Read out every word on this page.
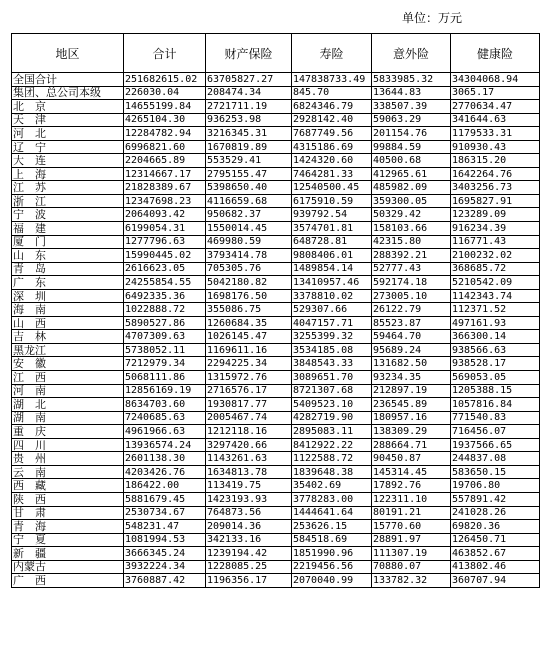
单位：万元
地区	合计	财产保险	寿险	意外险	健康险
全国合计	251682615.02	63705827.27	147838733.49	5833985.32	34304068.94
集团、总公司本级	226030.04	208474.34	845.70	13644.83	3065.17
北　京	14655199.84	2721711.19	6824346.79	338507.39	2770634.47
天　津	4265104.30	936253.98	2928142.40	59063.29	341644.63
河　北	12284782.94	3216345.31	7687749.56	201154.76	1179533.31
辽　宁	6996821.60	1670819.89	4315186.69	99884.59	910930.43
大　连	2204665.89	553529.41	1424320.60	40500.68	186315.20
上　海	12314667.17	2795155.47	7464281.33	412965.61	1642264.76
江　苏	21828389.67	5398650.40	12540500.45	485982.09	3403256.73
浙　江	12347698.23	4116659.68	6175910.59	359300.05	1695827.91
宁　波	2064093.42	950682.37	939792.54	50329.42	123289.09
福　建	6199054.31	1550014.45	3574701.81	158103.66	916234.39
厦　门	1277796.63	469980.59	648728.81	42315.80	116771.43
山　东	15990445.02	3793414.78	9808406.01	288392.21	2100232.02
青　岛	2616623.05	705305.76	1489854.14	52777.43	368685.72
广　东	24255854.55	5042180.82	13410957.46	592174.18	5210542.09
深　圳	6492335.36	1698176.50	3378810.02	273005.10	1142343.74
海　南	1022888.72	355086.75	529307.66	26122.79	112371.52
山　西	5890527.86	1260684.35	4047157.71	85523.87	497161.93
吉　林	4707309.63	1026145.47	3255399.32	59464.70	366300.14
黑龙江	5738052.11	1169611.16	3534185.08	95689.24	938566.63
安　徽	7212979.34	2294225.34	3848543.33	131682.50	938528.17
江　西	5068111.86	1315972.76	3089651.70	93234.35	569053.05
河　南	12856169.19	2716576.17	8721307.68	212897.19	1205388.15
湖　北	8634703.60	1930817.77	5409523.10	236545.89	1057816.84
湖　南	7240685.63	2005467.74	4282719.90	180957.16	771540.83
重　庆	4961966.63	1212118.16	2895083.11	138309.29	716456.07
四　川	13936574.24	3297420.66	8412922.22	288664.71	1937566.65
贵　州	2601138.30	1143261.63	1122588.72	90450.87	244837.08
云　南	4203426.76	1634813.78	1839648.38	145314.45	583650.15
西　藏	186422.00	113419.75	35402.69	17892.76	19706.80
陕　西	5881679.45	1423193.93	3778283.00	122311.10	557891.42
甘　肃	2530734.67	764873.56	1444641.64	80191.21	241028.26
青　海	548231.47	209014.36	253626.15	15770.60	69820.36
宁　夏	1081994.53	342133.16	584518.69	28891.97	126450.71
新　疆	3666345.24	1239194.42	1851990.96	111307.19	463852.67
内蒙古	3932224.34	1228085.25	2219456.56	70880.07	413802.46
广　西	3760887.42	1196356.17	2070040.99	133782.32	360707.94
